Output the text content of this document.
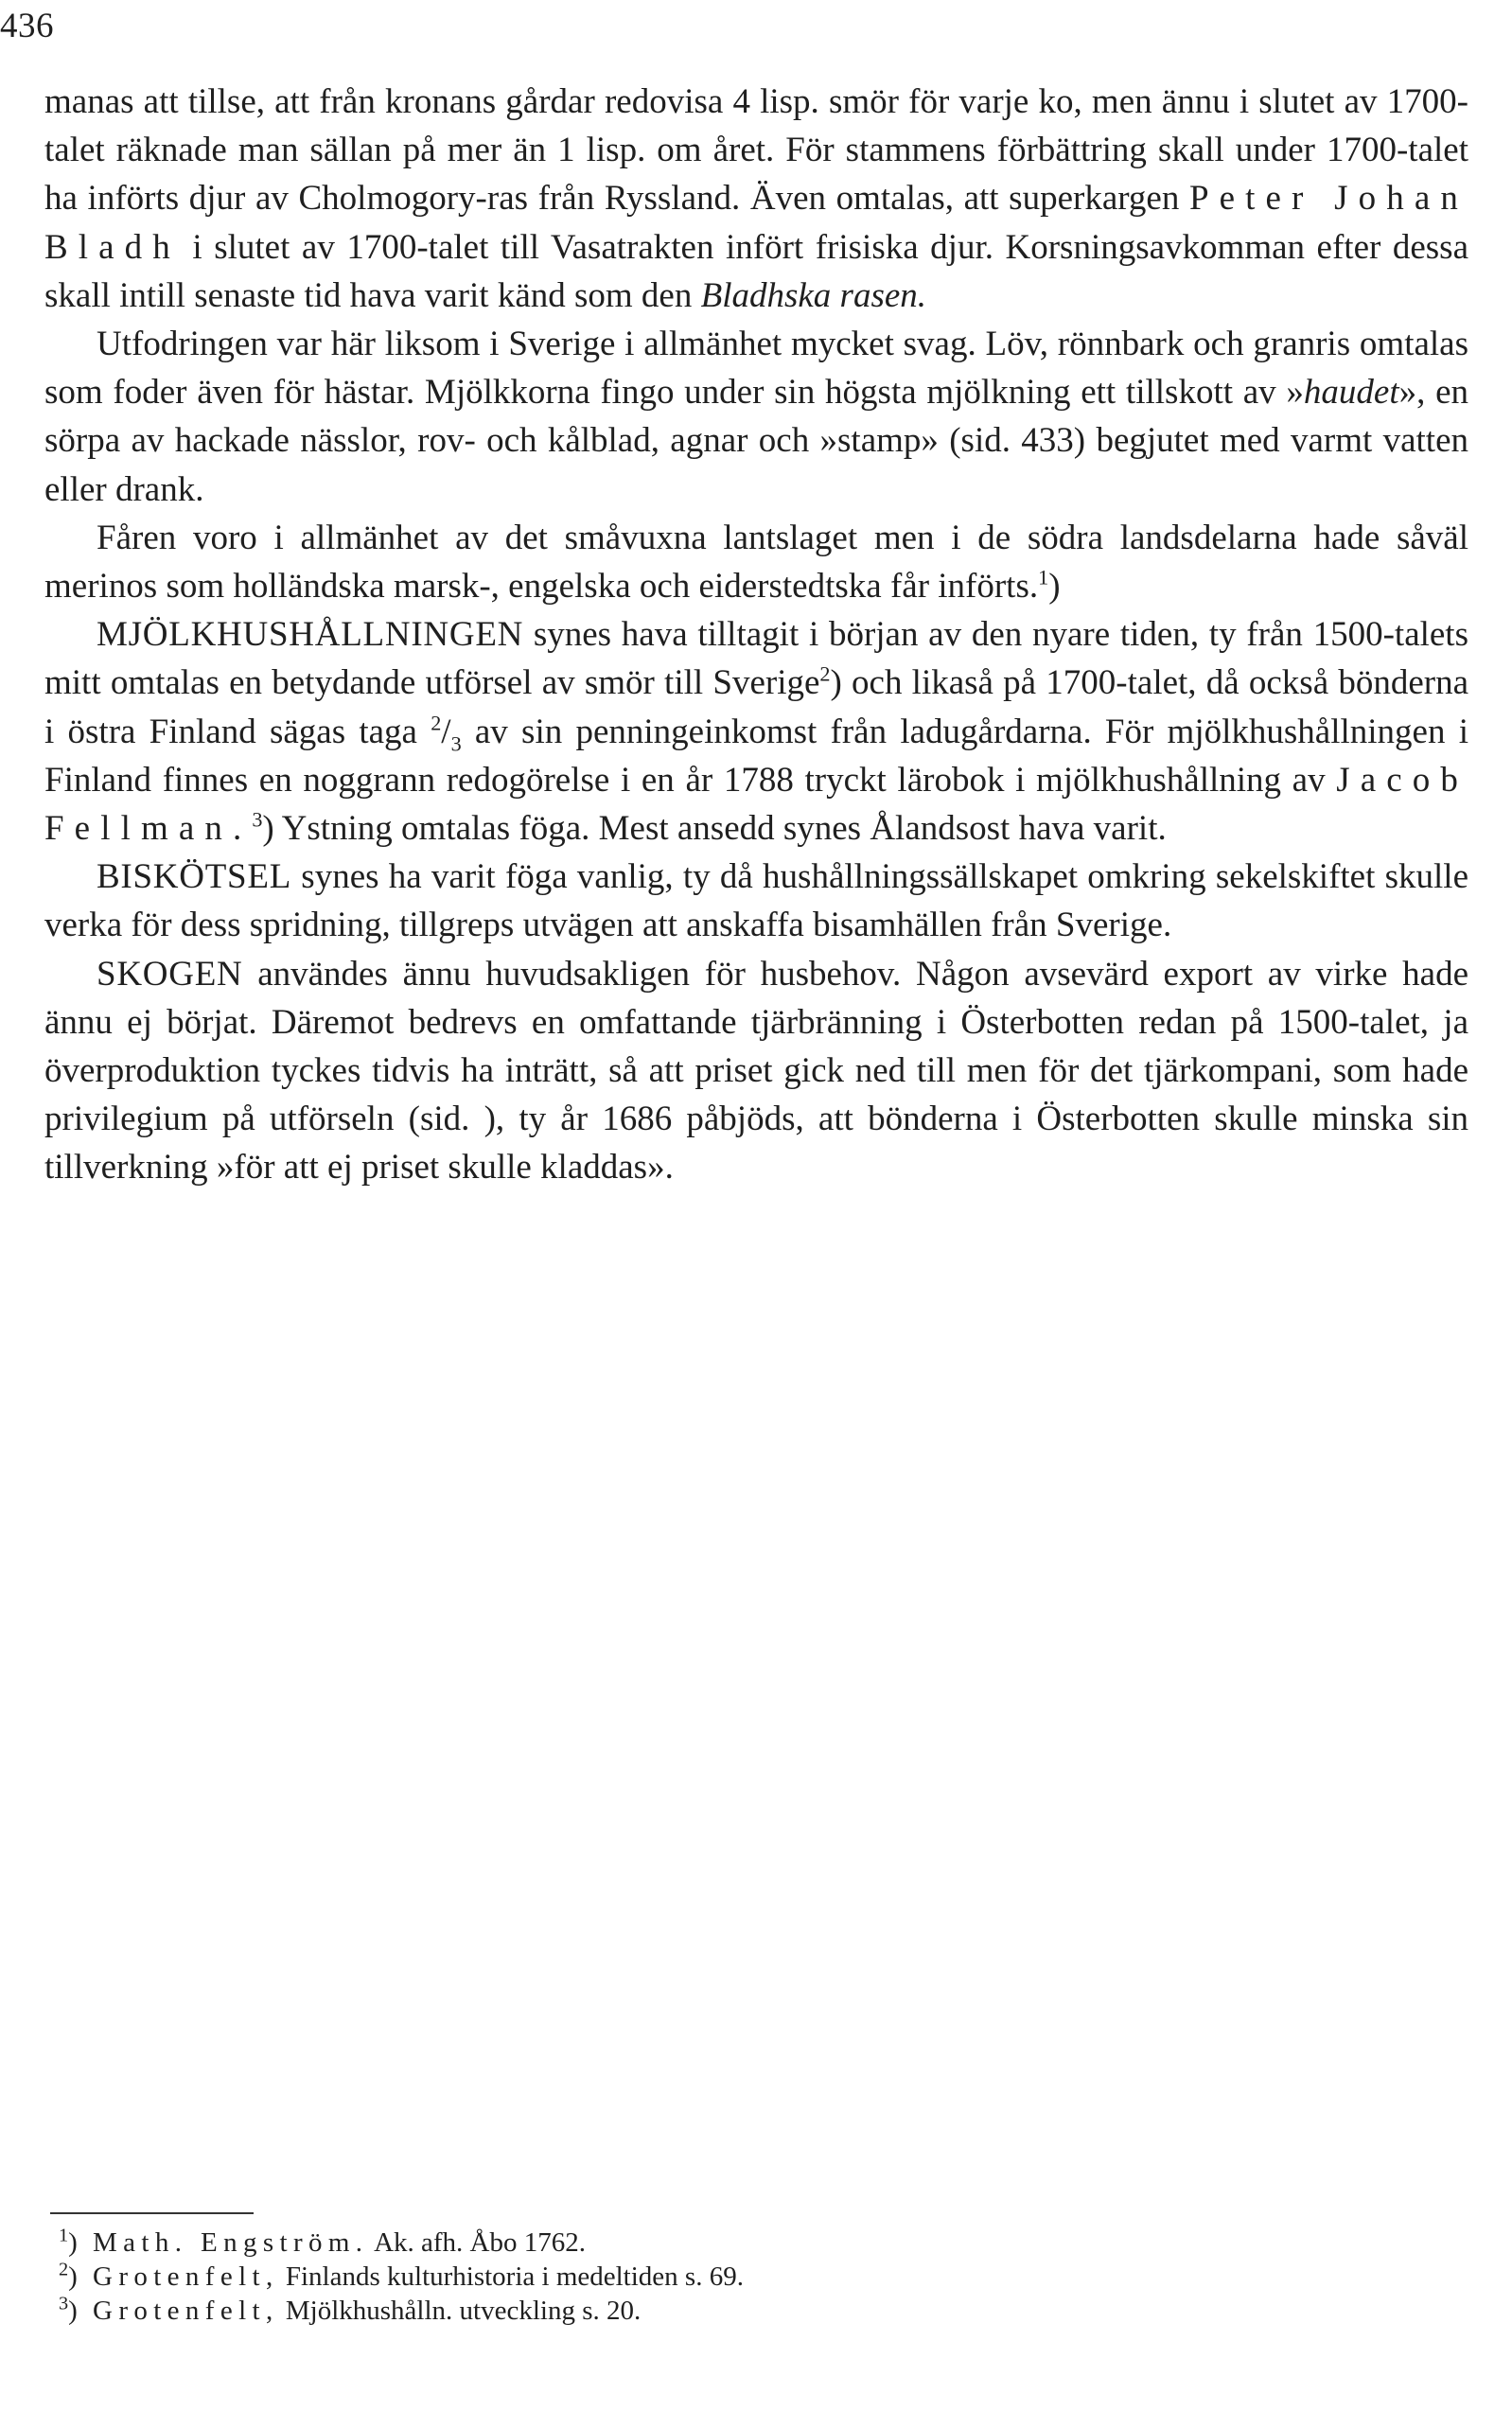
436

manas att tillse, att från kronans gårdar redovisa 4 lisp. smör för varje ko, men ännu i slutet av 1700-talet räknade man sällan på mer än 1 lisp. om året. För stammens förbättring skall under 1700-talet ha införts djur av Cholmogory-ras från Ryssland. Även omtalas, att superkargen Peter Johan Bladh i slutet av 1700-talet till Vasatrakten infört frisiska djur. Korsningsavkomman efter dessa skall intill senaste tid hava varit känd som den Bladhska rasen.

Utfodringen var här liksom i Sverige i allmänhet mycket svag. Löv, rönnbark och granris omtalas som foder även för hästar. Mjölkkorna fingo under sin högsta mjölkning ett tillskott av »haudet», en sörpa av hackade nässlor, rov- och kålblad, agnar och »stamp» (sid. 433) begjutet med varmt vatten eller drank.

Fåren voro i allmänhet av det småvuxna lantslaget men i de södra landsdelarna hade såväl merinos som holländska marsk-, engelska och eiderstedtska får införts.$^1$)

MJÖLKHUSHÅLLNINGEN synes hava tilltagit i början av den nyare tiden, ty från 1500-talets mitt omtalas en betydande utförsel av smör till Sverige$^2$) och likaså på 1700-talet, då också bönderna i östra Finland sägas taga $^2/_3$ av sin penningeinkomst från ladugårdarna. För mjölkhushållningen i Finland finnes en noggrann redogörelse i en år 1788 tryckt lärobok i mjölkhushållning av Jacob Fellman.$^3$) Ystning omtalas föga. Mest ansedd synes Ålandsost hava varit.

BISKÖTSEL synes ha varit föga vanlig, ty då hushållningssällskapet omkring sekelskiftet skulle verka för dess spridning, tillgreps utvägen att anskaffa bisamhällen från Sverige.

SKOGEN användes ännu huvudsakligen för husbehov. Någon avsevärd export av virke hade ännu ej börjat. Däremot bedrevs en omfattande tjärbränning i Österbotten redan på 1500-talet, ja överproduktion tyckes tidvis ha inträtt, så att priset gick ned till men för det tjärkompani, som hade privilegium på utförseln (sid. ), ty år 1686 påbjöds, att bönderna i Österbotten skulle minska sin tillverkning »för att ej priset skulle kladdas».

$^1$) Math. Engström. Ak. afh. Åbo 1762.
$^2$) Grotenfelt, Finlands kulturhistoria i medeltiden s. 69.
$^3$) Grotenfelt, Mjölkhushålln. utveckling s. 20.
